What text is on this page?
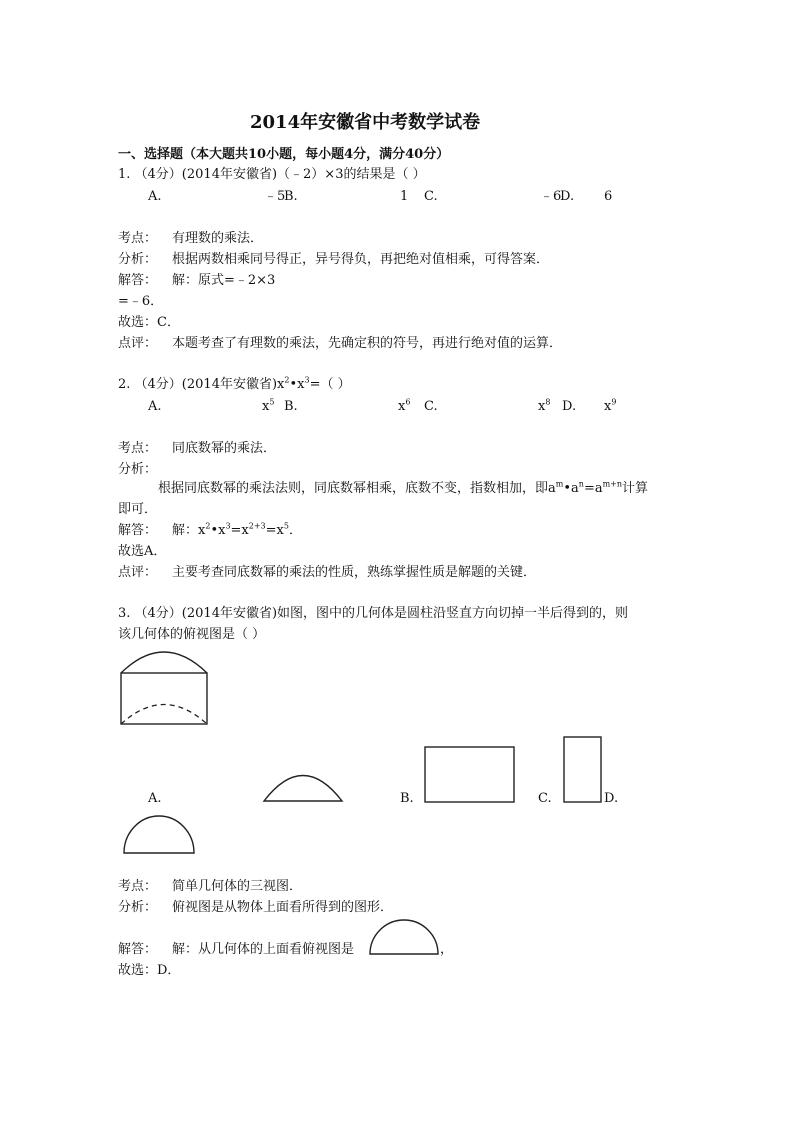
2014年安徽省中考数学试卷
一、选择题（本大题共10小题，每小题4分，满分40分）
1. （4分）(2014年安徽省)（﹣2）×3的结果是（ ）
A.	﹣5
B.	1 C.	﹣6
D. 6
考点： 有理数的乘法．
分析： 根据两数相乘同号得正，异号得负，再把绝对值相乘，可得答案．
解答： 解：原式=﹣2×3
=﹣6．
故选：C．
点评： 本题考查了有理数的乘法，先确定积的符号，再进行绝对值的运算．
2. （4分）(2014年安徽省)$x^2•x^3=$（ ）
A.	$x^5$ B.	$x^6$ C.	$x^8$ D. $x^9$
考点： 同底数幂的乘法．
分析：
根据同底数幂的乘法法则，同底数幂相乘，底数不变，指数相加，即$a^m•a^n=a^{m+n}$计算
即可．
解答： 解：$x^2•x^3=x^{2+3}=x^5$．
故选A．
点评： 主要考查同底数幂的乘法的性质，熟练掌握性质是解题的关键．
3. （4分）(2014年安徽省)如图，图中的几何体是圆柱沿竖直方向切掉一半后得到的，则
该几何体的俯视图是（ ）
A.	B.	C.	D.
考点： 简单几何体的三视图．
分析： 俯视图是从物体上面看所得到的图形．
解答： 解：从几何体的上面看俯视图是	，
故选：D．
